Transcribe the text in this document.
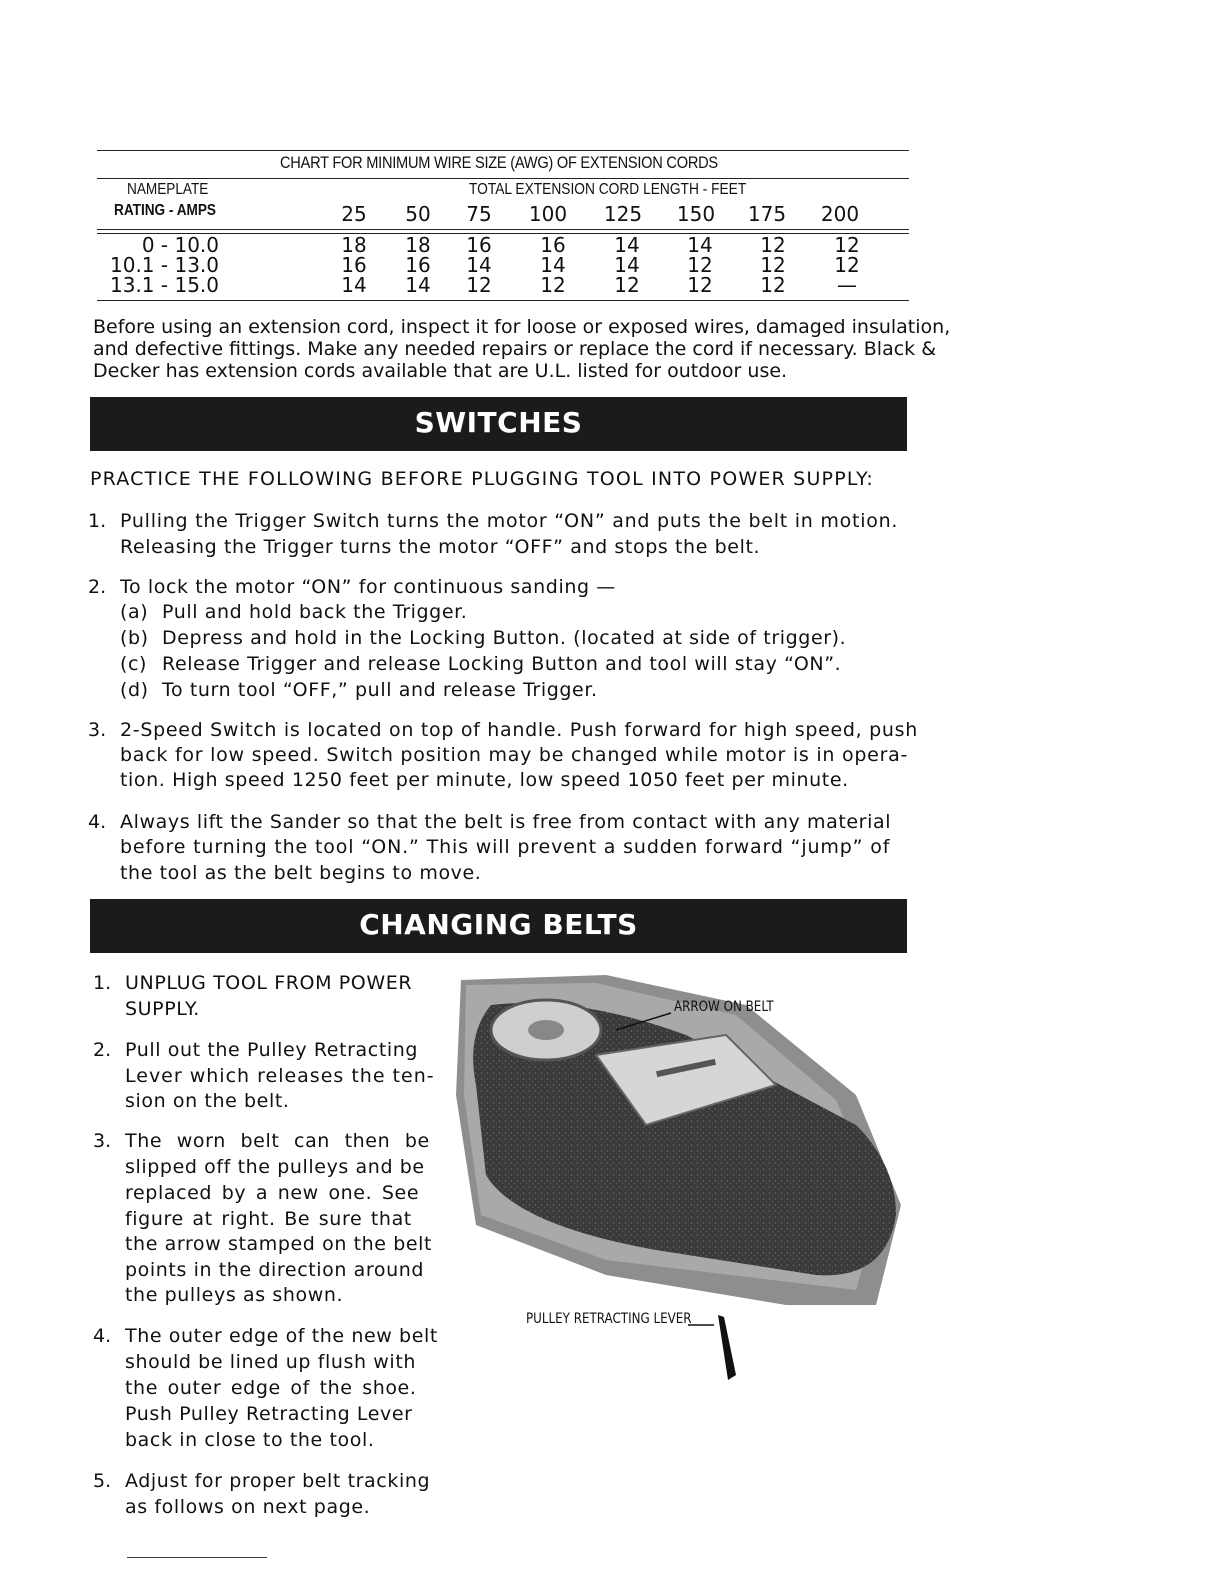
CHART FOR MINIMUM WIRE SIZE (AWG) OF EXTENSION CORDS
NAMEPLATE
RATING - AMPS
TOTAL EXTENSION CORD LENGTH - FEET
25	50	75	100	125	150	175	200
0 - 10.0	18	18	16	16	14	14	12	12
10.1 - 13.0	16	16	14	14	14	12	12	12
13.1 - 15.0	14	14	12	12	12	12	12	—
Before using an extension cord, inspect it for loose or exposed wires, damaged insulation,
and defective fittings. Make any needed repairs or replace the cord if necessary. Black &
Decker has extension cords available that are U.L. listed for outdoor use.
SWITCHES
PRACTICE THE FOLLOWING BEFORE PLUGGING TOOL INTO POWER SUPPLY:
1. Pulling the Trigger Switch turns the motor “ON” and puts the belt in motion.
Releasing the Trigger turns the motor “OFF” and stops the belt.
2. To lock the motor “ON” for continuous sanding —
(a) Pull and hold back the Trigger.
(b) Depress and hold in the Locking Button. (located at side of trigger).
(c) Release Trigger and release Locking Button and tool will stay “ON”.
(d) To turn tool “OFF,” pull and release Trigger.
3. 2-Speed Switch is located on top of handle. Push forward for high speed, push
back for low speed. Switch position may be changed while motor is in opera-
tion. High speed 1250 feet per minute, low speed 1050 feet per minute.
4. Always lift the Sander so that the belt is free from contact with any material
before turning the tool “ON.” This will prevent a sudden forward “jump” of
the tool as the belt begins to move.
CHANGING BELTS
1. UNPLUG TOOL FROM POWER
SUPPLY.
2. Pull out the Pulley Retracting
Lever which releases the ten-
sion on the belt.
3. The worn belt can then be
slipped off the pulleys and be
replaced by a new one. See
figure at right. Be sure that
the arrow stamped on the belt
points in the direction around
the pulleys as shown.
4. The outer edge of the new belt
should be lined up flush with
the outer edge of the shoe.
Push Pulley Retracting Lever
back in close to the tool.
5. Adjust for proper belt tracking
as follows on next page.
ARROW ON BELT
PULLEY RETRACTING LEVER
